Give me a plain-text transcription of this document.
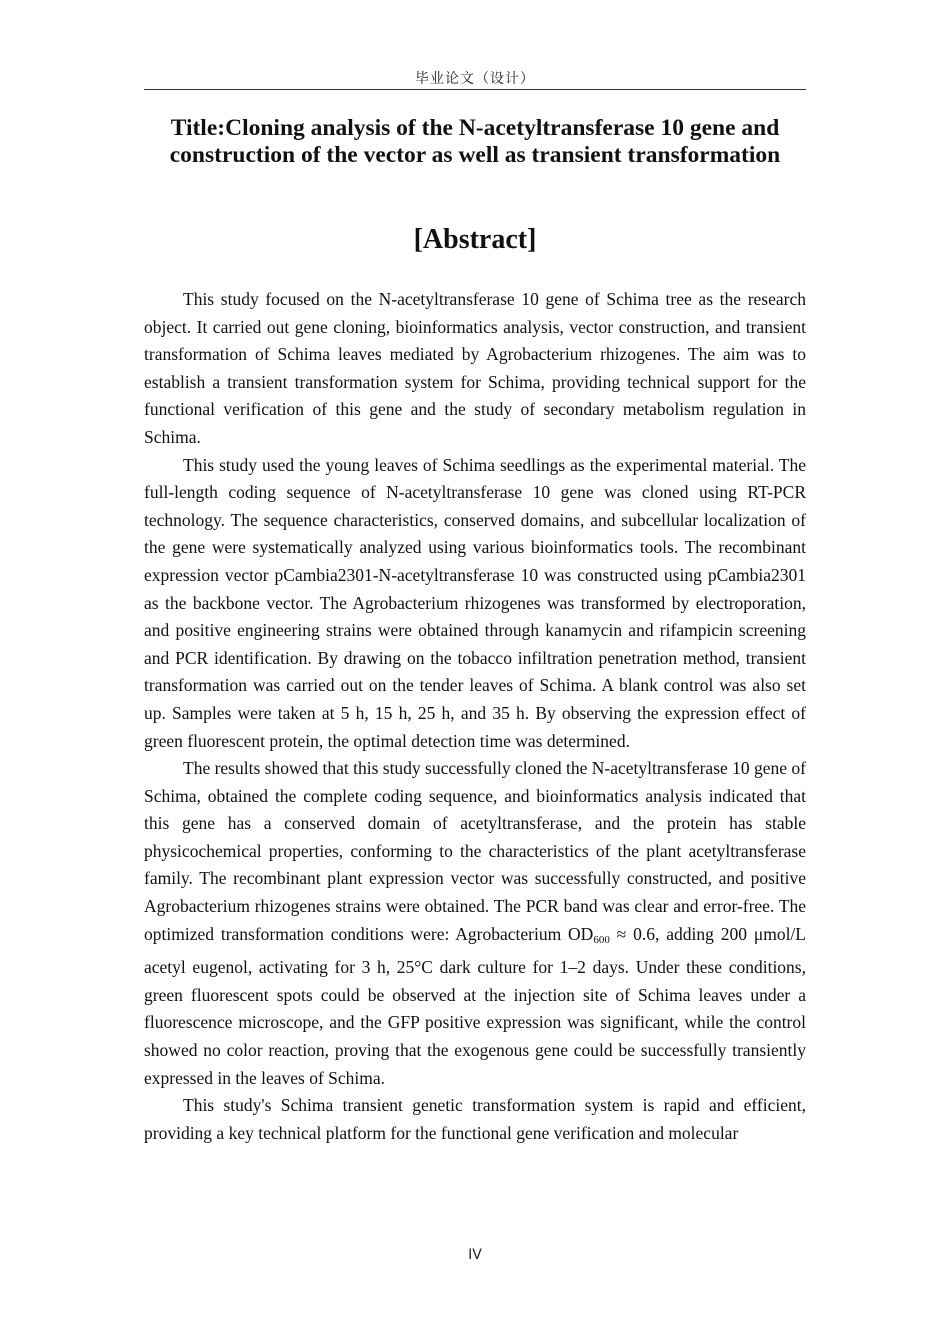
毕业论文（设计）
Title:Cloning analysis of the N-acetyltransferase 10 gene and construction of the vector as well as transient transformation
[Abstract]

This study focused on the N-acetyltransferase 10 gene of Schima tree as the research object. It carried out gene cloning, bioinformatics analysis, vector construction, and transient transformation of Schima leaves mediated by Agrobacterium rhizogenes. The aim was to establish a transient transformation system for Schima, providing technical support for the functional verification of this gene and the study of secondary metabolism regulation in Schima.

This study used the young leaves of Schima seedlings as the experimental material. The full-length coding sequence of N-acetyltransferase 10 gene was cloned using RT-PCR technology. The sequence characteristics, conserved domains, and subcellular localization of the gene were systematically analyzed using various bioinformatics tools. The recombinant expression vector pCambia2301-N-acetyltransferase 10 was constructed using pCambia2301 as the backbone vector. The Agrobacterium rhizogenes was transformed by electroporation, and positive engineering strains were obtained through kanamycin and rifampicin screening and PCR identification. By drawing on the tobacco infiltration penetration method, transient transformation was carried out on the tender leaves of Schima. A blank control was also set up. Samples were taken at 5 h, 15 h, 25 h, and 35 h. By observing the expression effect of green fluorescent protein, the optimal detection time was determined.

The results showed that this study successfully cloned the N-acetyltransferase 10 gene of Schima, obtained the complete coding sequence, and bioinformatics analysis indicated that this gene has a conserved domain of acetyltransferase, and the protein has stable physicochemical properties, conforming to the characteristics of the plant acetyltransferase family. The recombinant plant expression vector was successfully constructed, and positive Agrobacterium rhizogenes strains were obtained. The PCR band was clear and error-free. The optimized transformation conditions were: Agrobacterium $OD_{600} \approx 0.6$, adding 200 μmol/L acetyl eugenol, activating for 3 h, 25°C dark culture for 1–2 days. Under these conditions, green fluorescent spots could be observed at the injection site of Schima leaves under a fluorescence microscope, and the GFP positive expression was significant, while the control showed no color reaction, proving that the exogenous gene could be successfully transiently expressed in the leaves of Schima.

This study's Schima transient genetic transformation system is rapid and efficient, providing a key technical platform for the functional gene verification and molecular

IV
